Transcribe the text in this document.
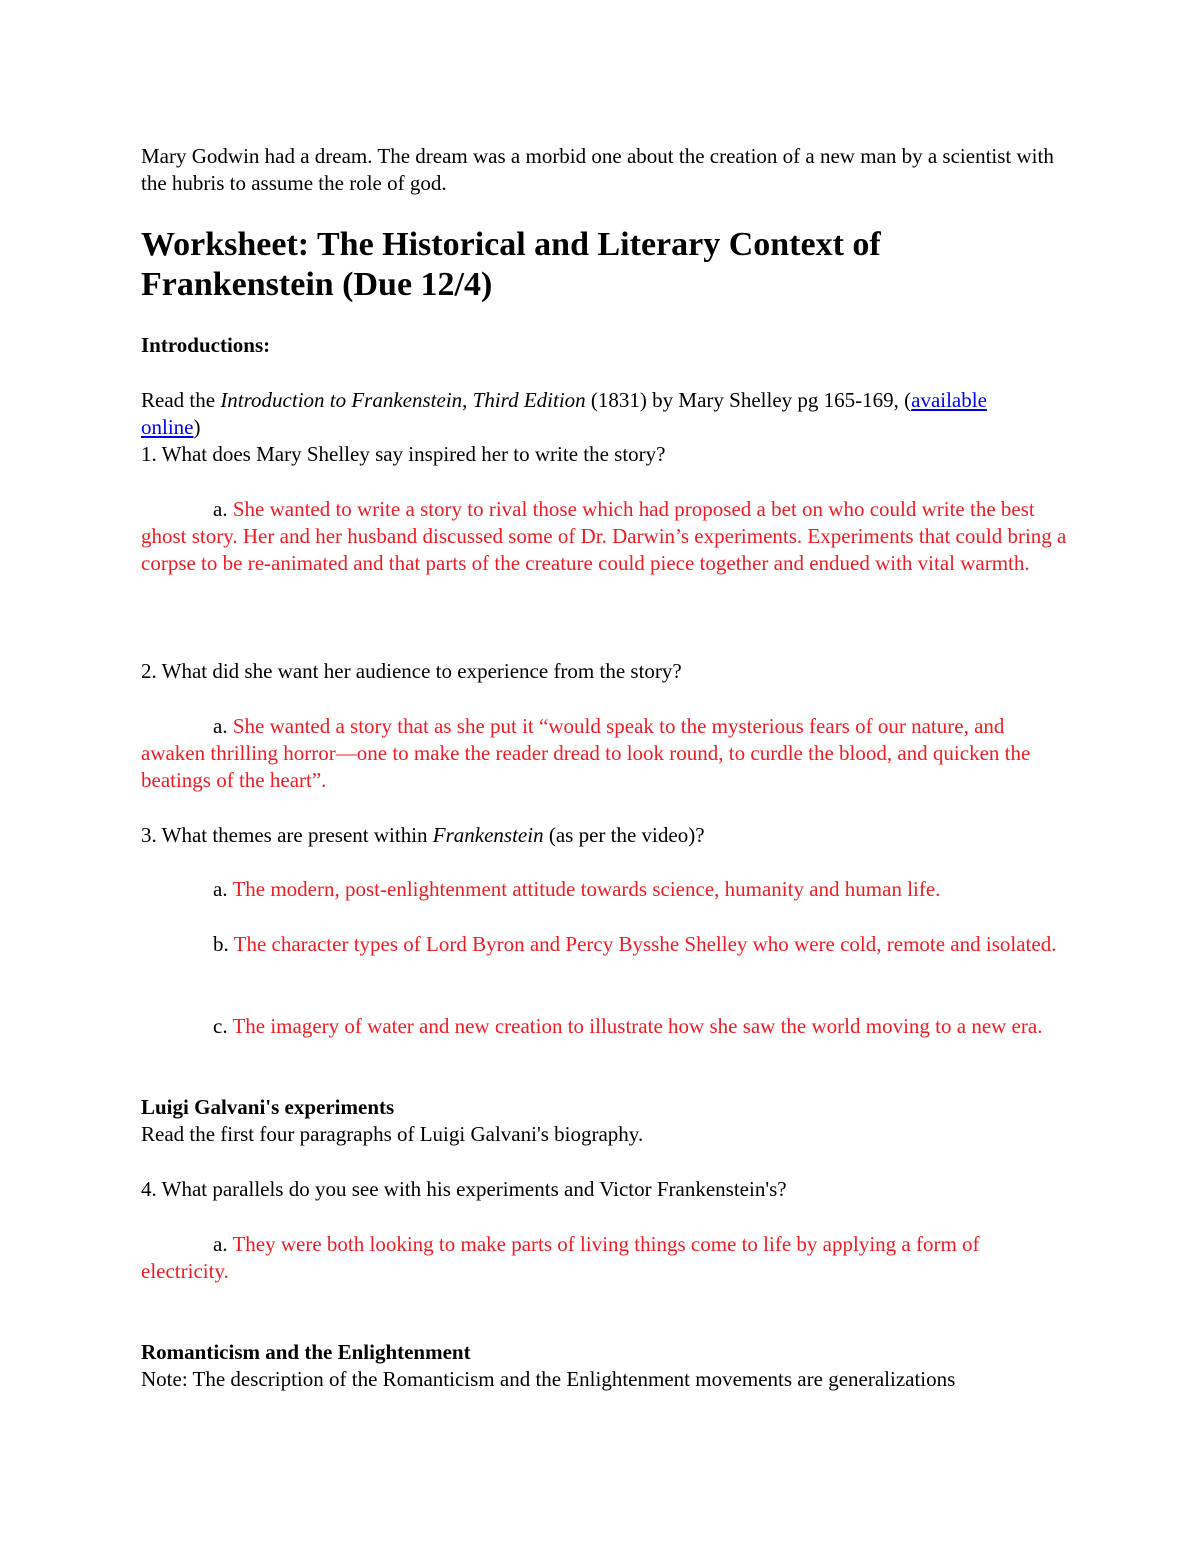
Mary Godwin had a dream. The dream was a morbid one about the creation of a new man by a scientist with the hubris to assume the role of god.

Worksheet: The Historical and Literary Context of Frankenstein (Due 12/4)

Introductions:

Read the Introduction to Frankenstein, Third Edition (1831) by Mary Shelley pg 165-169, (available online)

1. What does Mary Shelley say inspired her to write the story?

a. She wanted to write a story to rival those which had proposed a bet on who could write the best ghost story. Her and her husband discussed some of Dr. Darwin’s experiments. Experiments that could bring a corpse to be re-animated and that parts of the creature could piece together and endued with vital warmth.

2. What did she want her audience to experience from the story?

a. She wanted a story that as she put it “would speak to the mysterious fears of our nature, and awaken thrilling horror—one to make the reader dread to look round, to curdle the blood, and quicken the beatings of the heart”.

3. What themes are present within Frankenstein (as per the video)?

a. The modern, post-enlightenment attitude towards science, humanity and human life.

b. The character types of Lord Byron and Percy Bysshe Shelley who were cold, remote and isolated.

c. The imagery of water and new creation to illustrate how she saw the world moving to a new era.

Luigi Galvani's experiments

Read the first four paragraphs of Luigi Galvani's biography.

4. What parallels do you see with his experiments and Victor Frankenstein's?

a. They were both looking to make parts of living things come to life by applying a form of electricity.

Romanticism and the Enlightenment

Note: The description of the Romanticism and the Enlightenment movements are generalizations
